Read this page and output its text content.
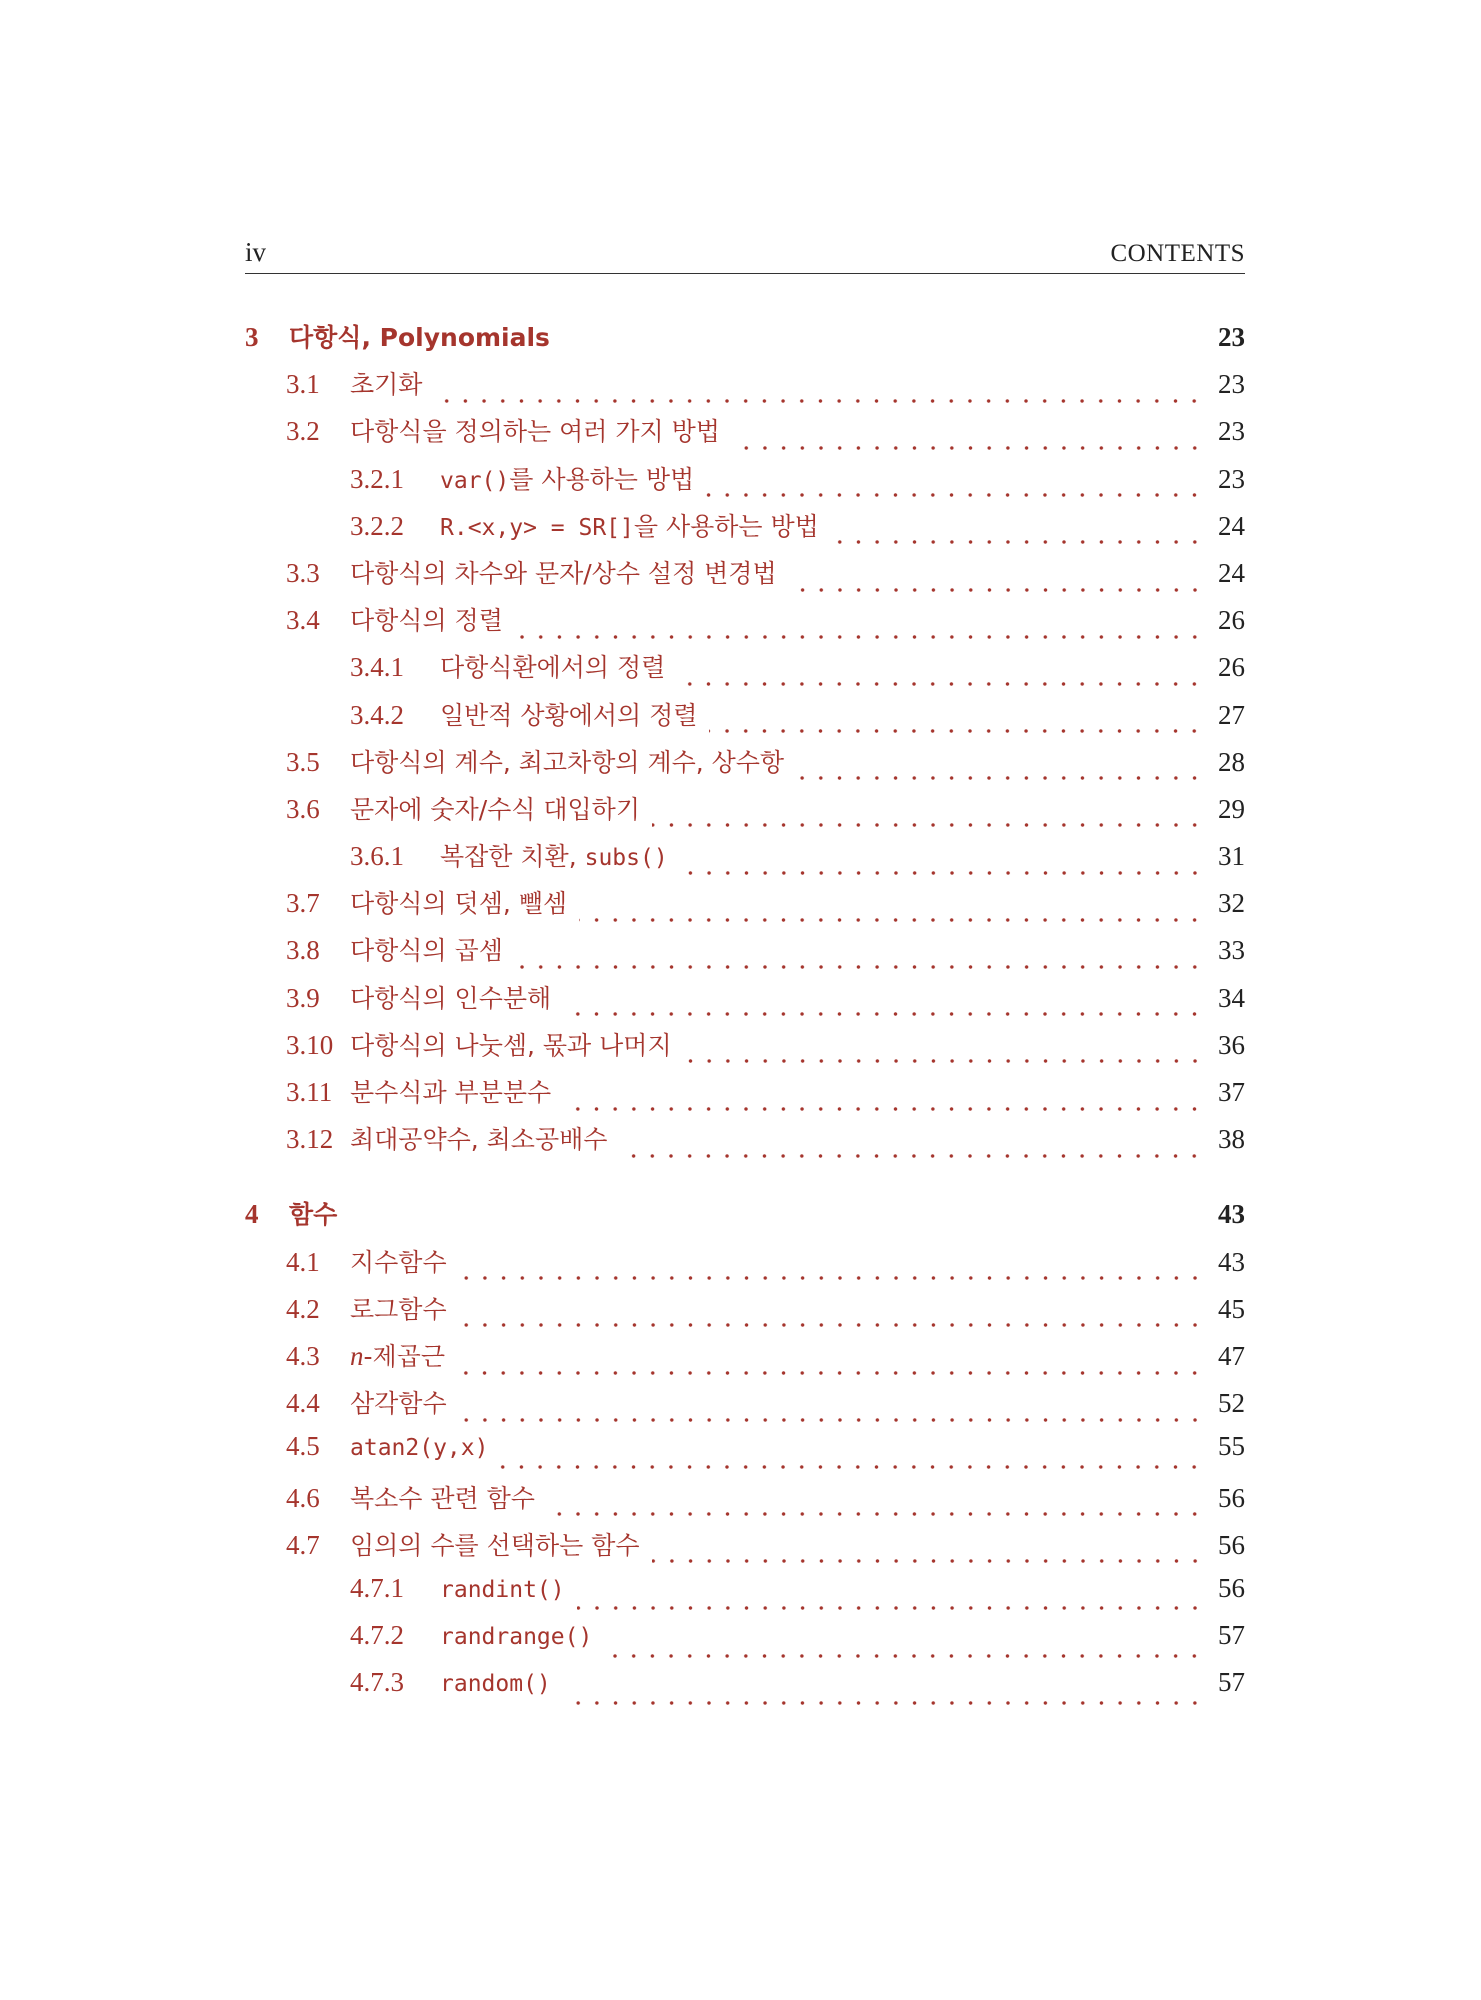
iv	CONTENTS
3	다항식, Polynomials	23
3.1	초기화	23
3.2	다항식을 정의하는 여러 가지 방법	23
3.2.1	var()를 사용하는 방법	23
3.2.2	R.<x,y> = SR[]을 사용하는 방법	24
3.3	다항식의 차수와 문자/상수 설정 변경법	24
3.4	다항식의 정렬	26
3.4.1	다항식환에서의 정렬	26
3.4.2	일반적 상황에서의 정렬	27
3.5	다항식의 계수, 최고차항의 계수, 상수항	28
3.6	문자에 숫자/수식 대입하기	29
3.6.1	복잡한 치환, subs()	31
3.7	다항식의 덧셈, 뺄셈	32
3.8	다항식의 곱셈	33
3.9	다항식의 인수분해	34
3.10 다항식의 나눗셈, 몫과 나머지	36
3.11 분수식과 부분분수	37
3.12 최대공약수, 최소공배수	38
4	함수	43
4.1	지수함수	43
4.2	로그함수	45
4.3	n-제곱근	47
4.4	삼각함수	52
4.5	atan2(y,x)	55
4.6	복소수 관련 함수	56
4.7	임의의 수를 선택하는 함수	56
4.7.1	randint()	56
4.7.2	randrange()	57
4.7.3	random()	57
